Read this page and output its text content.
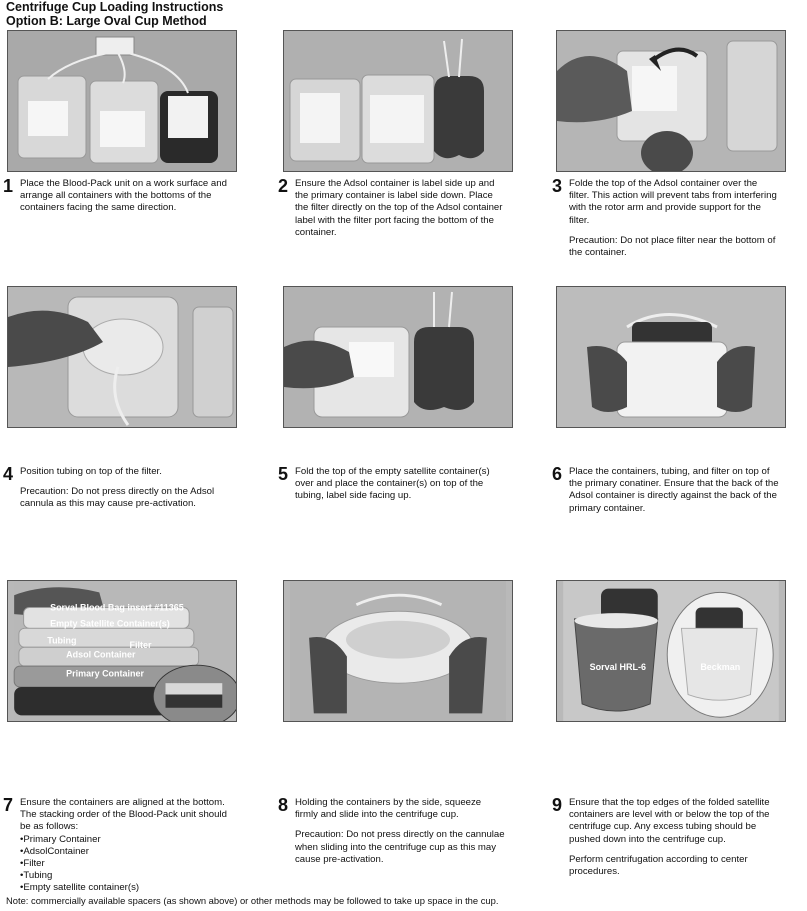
Centrifuge Cup Loading Instructions
Option B: Large Oval Cup Method
1 Place the Blood-Pack unit on a work surface and arrange all containers with the bottoms of the containers facing the same direction.

2 Ensure the Adsol container is label side up and the primary container is label side down. Place the filter directly on the top of the Adsol container label with the filter port facing the bottom of the container.

3 Folde the top of the Adsol container over the filter. This action will prevent tabs from interfering with the rotor arm and provide support for the filter.

Precaution: Do not place filter near the bottom of the container.

4 Position tubing on top of the filter.

Precaution: Do not press directly on the Adsol cannula as this may cause pre-activation.

5 Fold the top of the empty satellite container(s) over and place the container(s) on top of the tubing, label side facing up.

6 Place the containers, tubing, and filter on top of the primary conatiner. Ensure that the back of the Adsol container is directly against the back of the primary container.

Sorval Blood Bag insert #11365
Empty Satellite Container(s)
Tubing	Filter
Adsol Container
Primary Container
Sorval HRL-6	Beckman
7 Ensure the containers are aligned at the bottom. The stacking order of the Blood-Pack unit should be as follows:

• Primary Container
• AdsolContainer
• Filter
• Tubing
• Empty satellite container(s)
8 Holding the containers by the side, squeeze firmly and slide into the centrifuge cup.

Precaution: Do not press directly on the cannulae when sliding into the centrifuge cup as this may cause pre-activation.

9 Ensure that the top edges of the folded satellite containers are level with or below the top of the centrifuge cup. Any excess tubing should be pushed down into the centrifuge cup.

Perform centrifugation according to center procedures.

Note: commercially available spacers (as shown above) or other methods may be followed to take up space in the cup.
